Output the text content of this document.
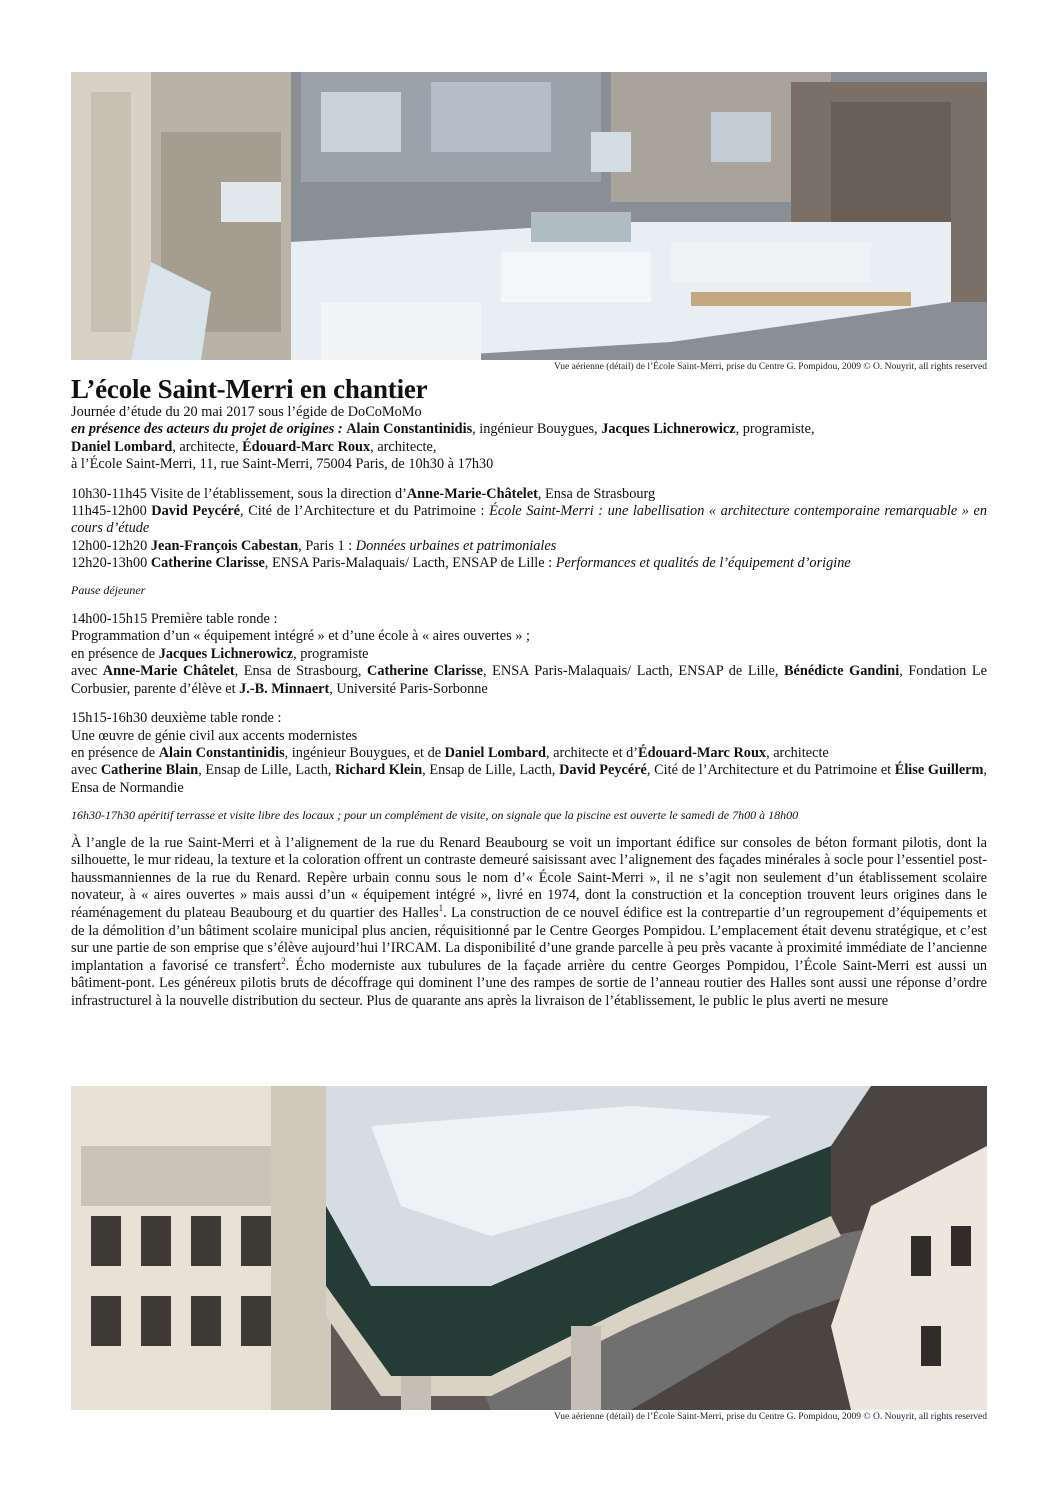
Vue aérienne (détail) de l’École Saint-Merri, prise du Centre G. Pompidou, 2009 © O. Nouyrit, all rights reserved
L’école Saint-Merri en chantier

Journée d’étude du 20 mai 2017 sous l’égide de DoCoMoMo

en présence des acteurs du projet de origines : Alain Constantinidis, ingénieur Bouygues, Jacques Lichnerowicz, programiste,

Daniel Lombard, architecte, Édouard-Marc Roux, architecte,

à l’École Saint-Merri, 11, rue Saint-Merri, 75004 Paris, de 10h30 à 17h30

10h30-11h45 Visite de l’établissement, sous la direction d’Anne-Marie-Châtelet, Ensa de Strasbourg

11h45-12h00 David Peycéré, Cité de l’Architecture et du Patrimoine : École Saint-Merri : une labellisation « architecture contemporaine remarquable » en cours d’étude

12h00-12h20 Jean-François Cabestan, Paris 1 : Données urbaines et patrimoniales

12h20-13h00 Catherine Clarisse, ENSA Paris-Malaquais/ Lacth, ENSAP de Lille : Performances et qualités de l’équipement d’origine

Pause déjeuner

14h00-15h15 Première table ronde :

Programmation d’un « équipement intégré » et d’une école à « aires ouvertes » ;

en présence de Jacques Lichnerowicz, programiste

avec Anne-Marie Châtelet, Ensa de Strasbourg, Catherine Clarisse, ENSA Paris-Malaquais/ Lacth, ENSAP de Lille, Bénédicte Gandini, Fondation Le Corbusier, parente d’élève et J.-B. Minnaert, Université Paris-Sorbonne

15h15-16h30 deuxième table ronde :

Une œuvre de génie civil aux accents modernistes

en présence de Alain Constantinidis, ingénieur Bouygues, et de Daniel Lombard, architecte et d’Édouard-Marc Roux, architecte

avec Catherine Blain, Ensap de Lille, Lacth, Richard Klein, Ensap de Lille, Lacth, David Peycéré, Cité de l’Architecture et du Patrimoine et Élise Guillerm, Ensa de Normandie

16h30-17h30 apéritif terrasse et visite libre des locaux ; pour un complément de visite, on signale que la piscine est ouverte le samedi de 7h00 à 18h00

À l’angle de la rue Saint-Merri et à l’alignement de la rue du Renard Beaubourg se voit un important édifice sur consoles de béton formant pilotis, dont la silhouette, le mur rideau, la texture et la coloration offrent un contraste demeuré saisissant avec l’alignement des façades minérales à socle pour l’essentiel post-haussmanniennes de la rue du Renard. Repère urbain connu sous le nom d’« École Saint-Merri », il ne s’agit non seulement d’un établissement scolaire novateur, à « aires ouvertes » mais aussi d’un « équipement intégré », livré en 1974, dont la construction et la conception trouvent leurs origines dans le réaménagement du plateau Beaubourg et du quartier des Halles$^1$. La construction de ce nouvel édifice est la contrepartie d’un regroupement d’équipements et de la démolition d’un bâtiment scolaire municipal plus ancien, réquisitionné par le Centre Georges Pompidou. L’emplacement était devenu stratégique, et c’est sur une partie de son emprise que s’élève aujourd’hui l’IRCAM. La disponibilité d’une grande parcelle à peu près vacante à proximité immédiate de l’ancienne implantation a favorisé ce transfert$^2$. Écho moderniste aux tubulures de la façade arrière du centre Georges Pompidou, l’École Saint-Merri est aussi un bâtiment-pont. Les généreux pilotis bruts de décoffrage qui dominent l’une des rampes de sortie de l’anneau routier des Halles sont aussi une réponse d’ordre infrastructurel à la nouvelle distribution du secteur. Plus de quarante ans après la livraison de l’établissement, le public le plus averti ne mesure

Vue aérienne (détail) de l’École Saint-Merri, prise du Centre G. Pompidou, 2009 © O. Nouyrit, all rights reserved
